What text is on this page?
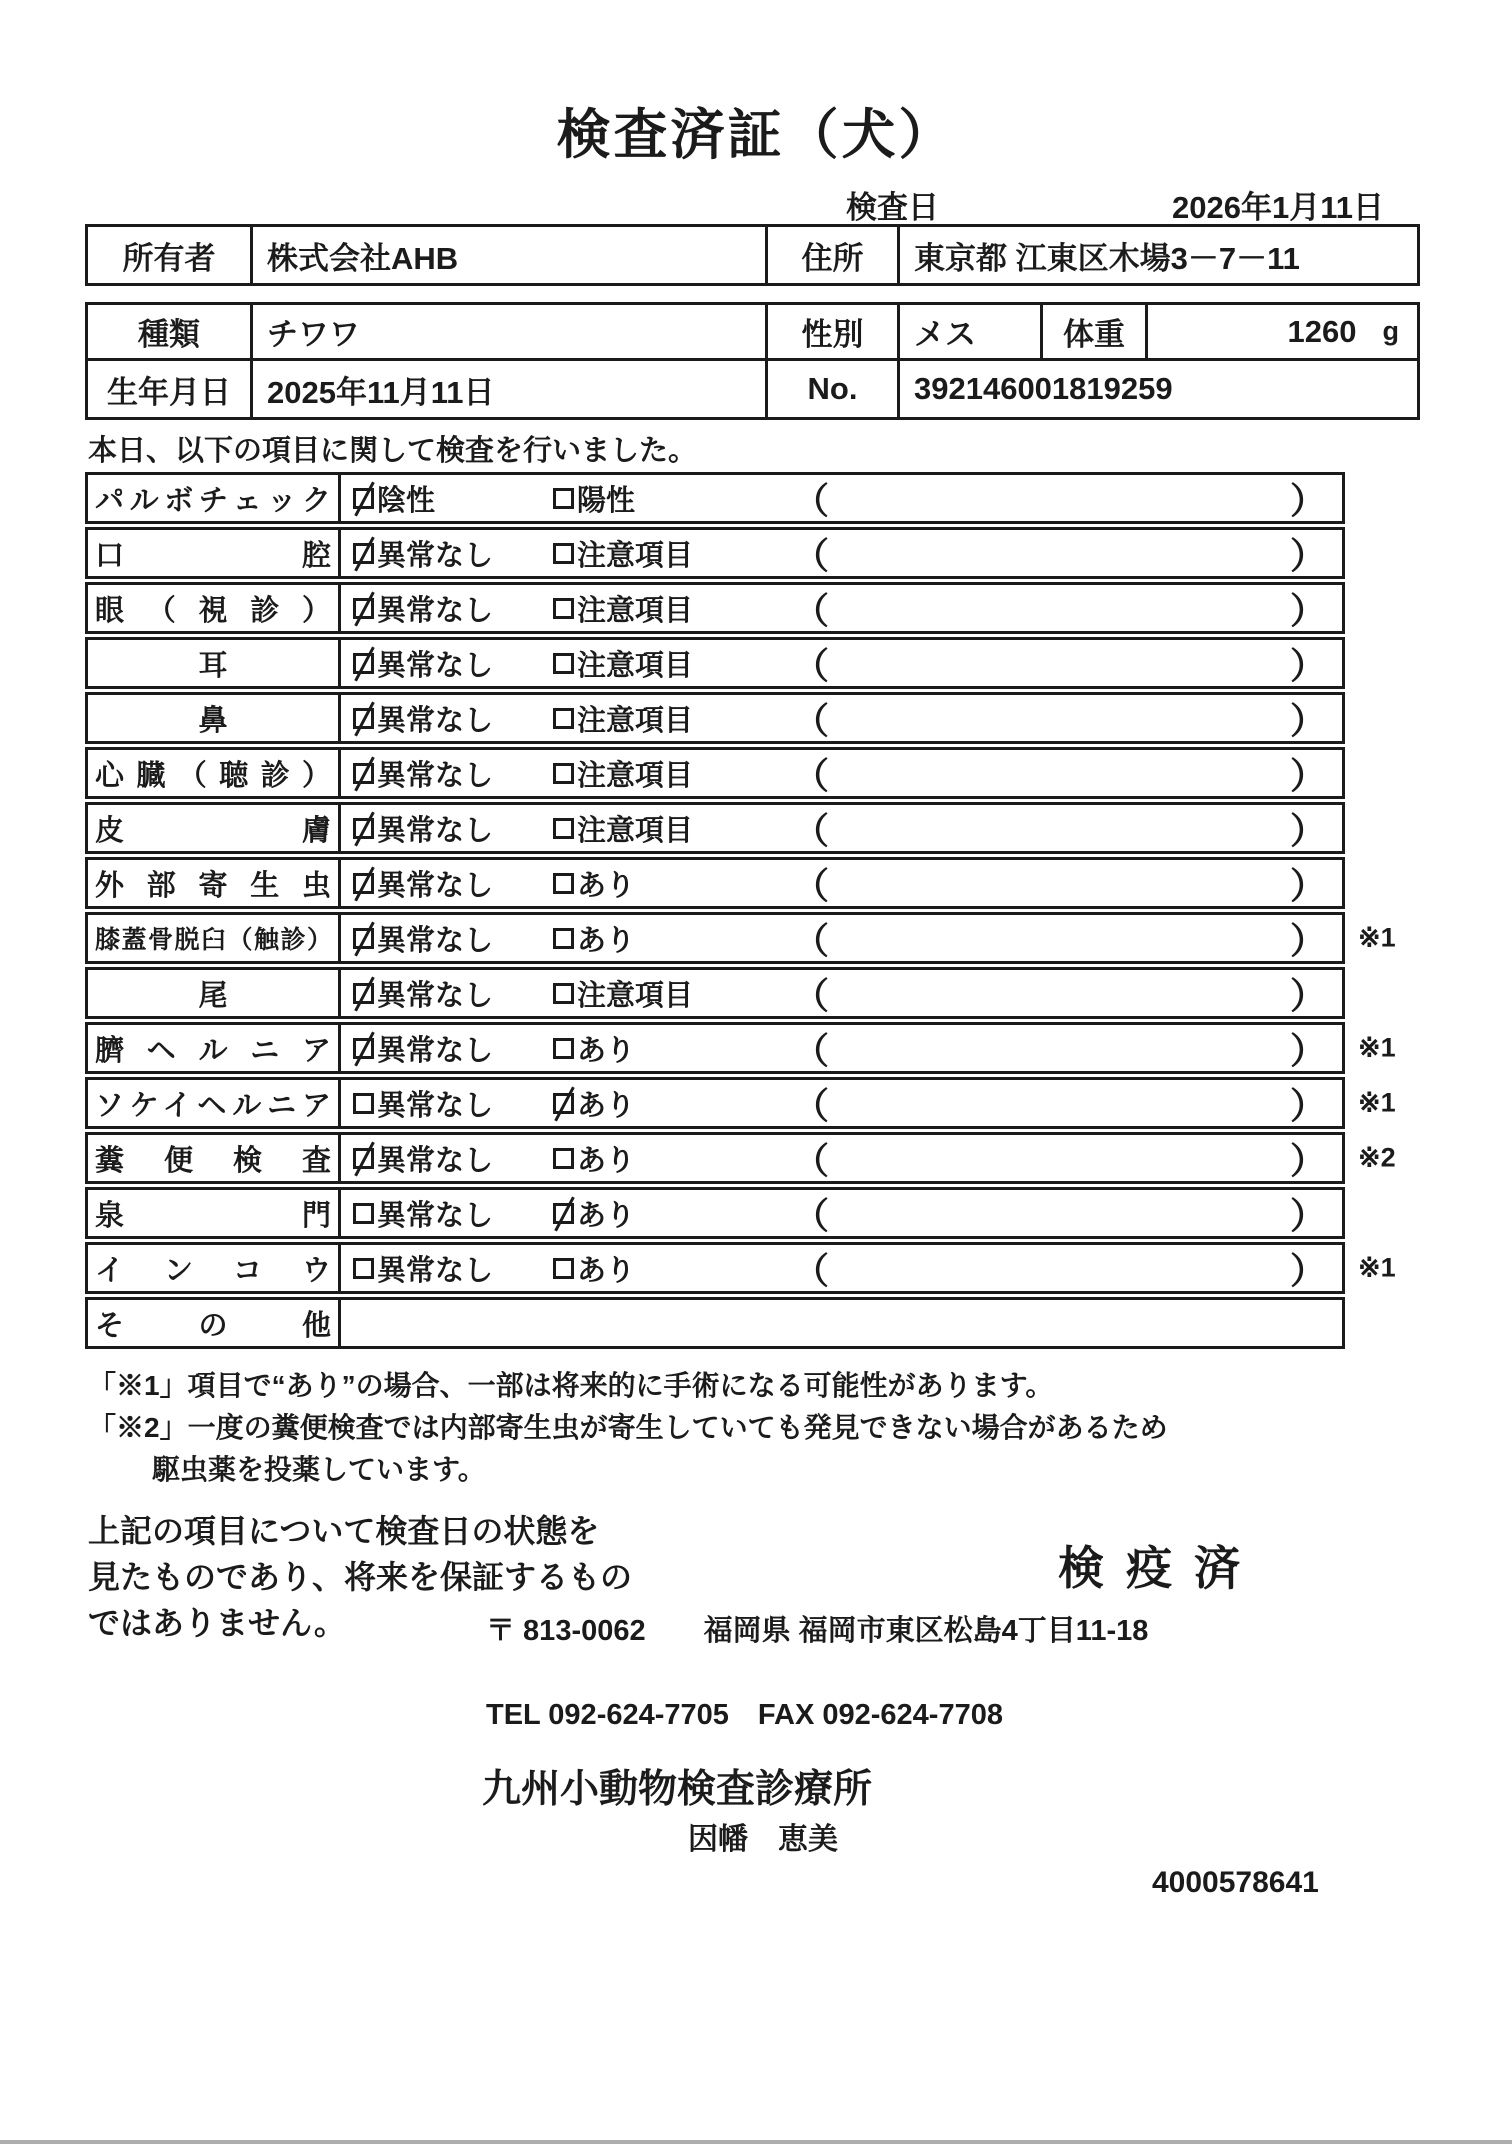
検査済証（犬）
検査日	2026年1月11日
所有者	株式会社AHB	住所	東京都 江東区木場3－7－11
種類	チワワ	性別	メス	体重	1260 g
生年月日	2025年11月11日	No.	392146001819259
本日、以下の項目に関して検査を行いました。
パルボチェック 陰性	陽性	（	）
口腔 異常なし	注意項目	（	）
眼（視診） 異常なし	注意項目	（	）
耳	異常なし	注意項目	（	）
鼻	異常なし	注意項目	（	）
心臓（聴診） 異常なし	注意項目	（	）
皮膚 異常なし	注意項目	（	）
外部寄生虫 異常なし	あり	（	）
膝蓋骨脱臼（触診） 異常なし	あり	（	） ※1
尾	異常なし	注意項目	（	）
臍ヘルニア 異常なし	あり	（	） ※1
ソケイヘルニア 異常なし	あり	（	） ※1
糞便検査 異常なし	あり	（	） ※2
泉門 異常なし	あり	（	）
インコウ 異常なし	あり	（	） ※1
その他
「※1」項目で“あり”の場合、一部は将来的に手術になる可能性があります。
「※2」一度の糞便検査では内部寄生虫が寄生していても発見できない場合があるため
駆虫薬を投薬しています。
上記の項目について検査日の状態を
見たものであり、将来を保証するもの
ではありません。
検疫済
〒 813-0062　　福岡県 福岡市東区松島4丁目11-18
TEL 092-624-7705　FAX 092-624-7708
九州小動物検査診療所
因幡　恵美
4000578641
